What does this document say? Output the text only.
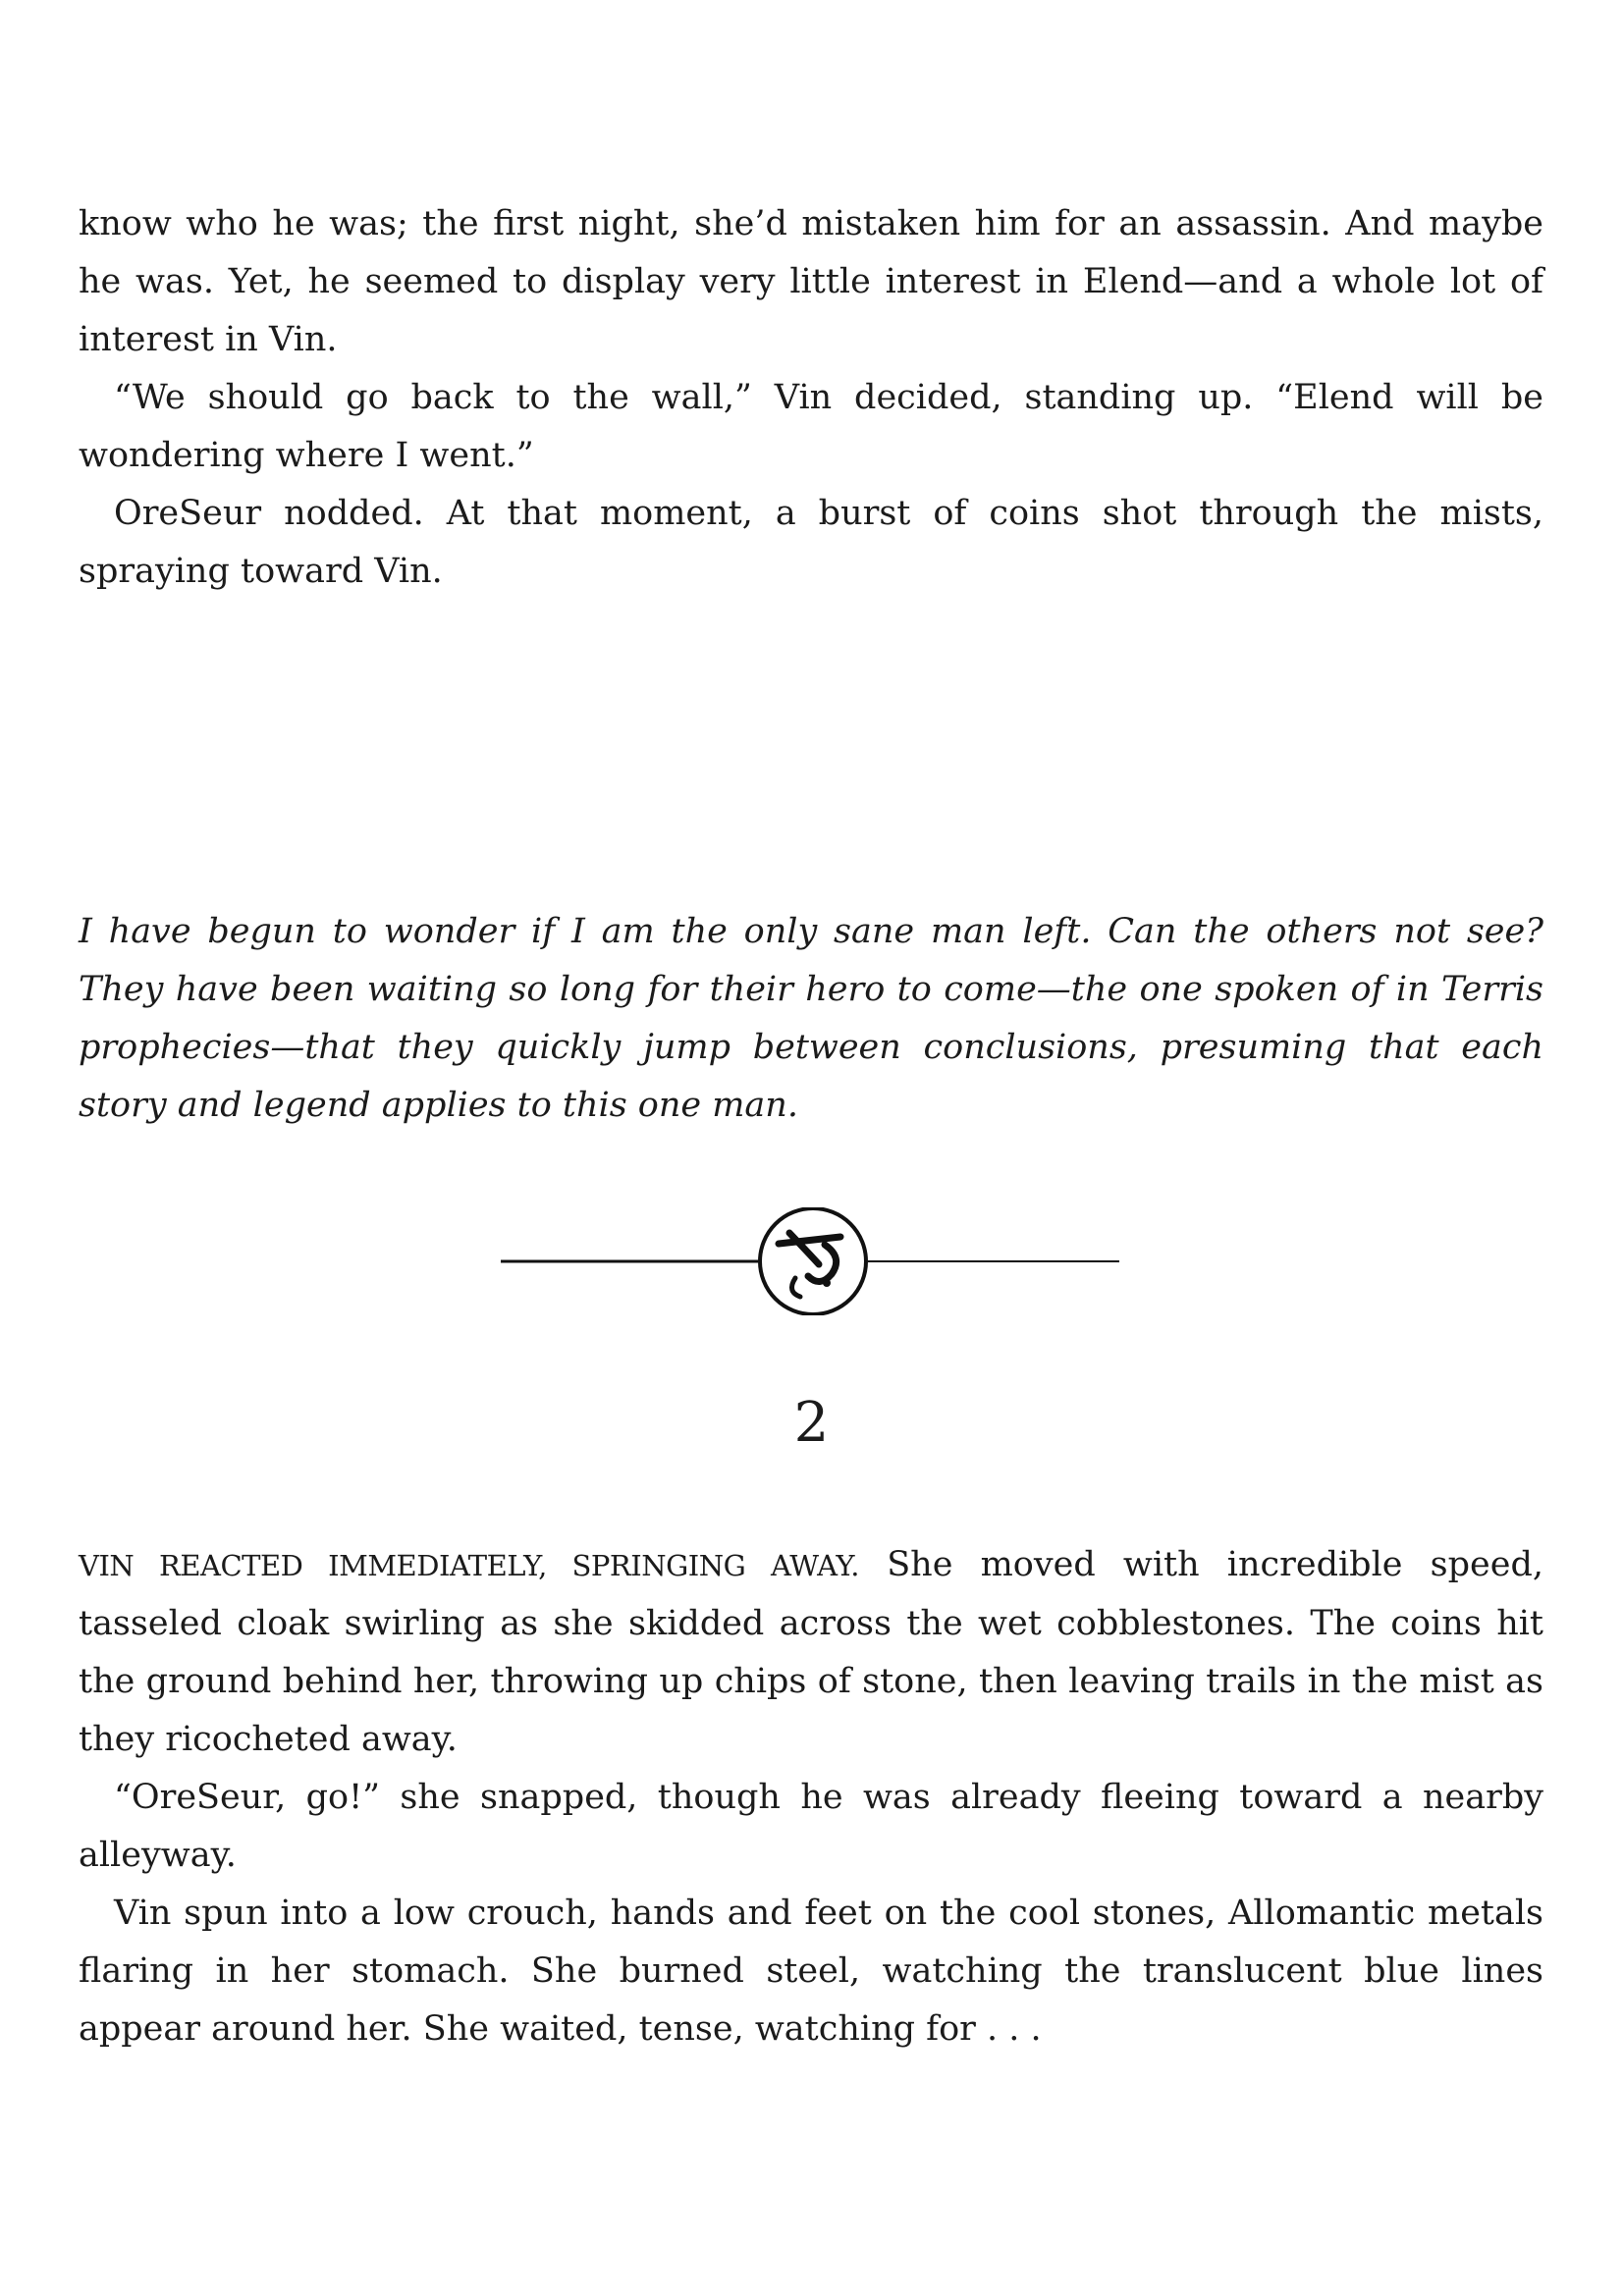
know who he was; the first night, she’d mistaken him for an assassin. And maybe he was. Yet, he seemed to display very little interest in Elend—and a whole lot of interest in Vin.

“We should go back to the wall,” Vin decided, standing up. “Elend will be wondering where I went.”

OreSeur nodded. At that moment, a burst of coins shot through the mists, spraying toward Vin.

I have begun to wonder if I am the only sane man left. Can the others not see? They have been waiting so long for their hero to come—the one spoken of in Terris prophecies—that they quickly jump between conclusions, presuming that each story and legend applies to this one man.

2

VIN REACTED IMMEDIATELY, SPRINGING AWAY. She moved with incredible speed, tasseled cloak swirling as she skidded across the wet cobblestones. The coins hit the ground behind her, throwing up chips of stone, then leaving trails in the mist as they ricocheted away.

“OreSeur, go!” she snapped, though he was already fleeing toward a nearby alleyway.

Vin spun into a low crouch, hands and feet on the cool stones, Allomantic metals flaring in her stomach. She burned steel, watching the translucent blue lines appear around her. She waited, tense, watching for . . .
